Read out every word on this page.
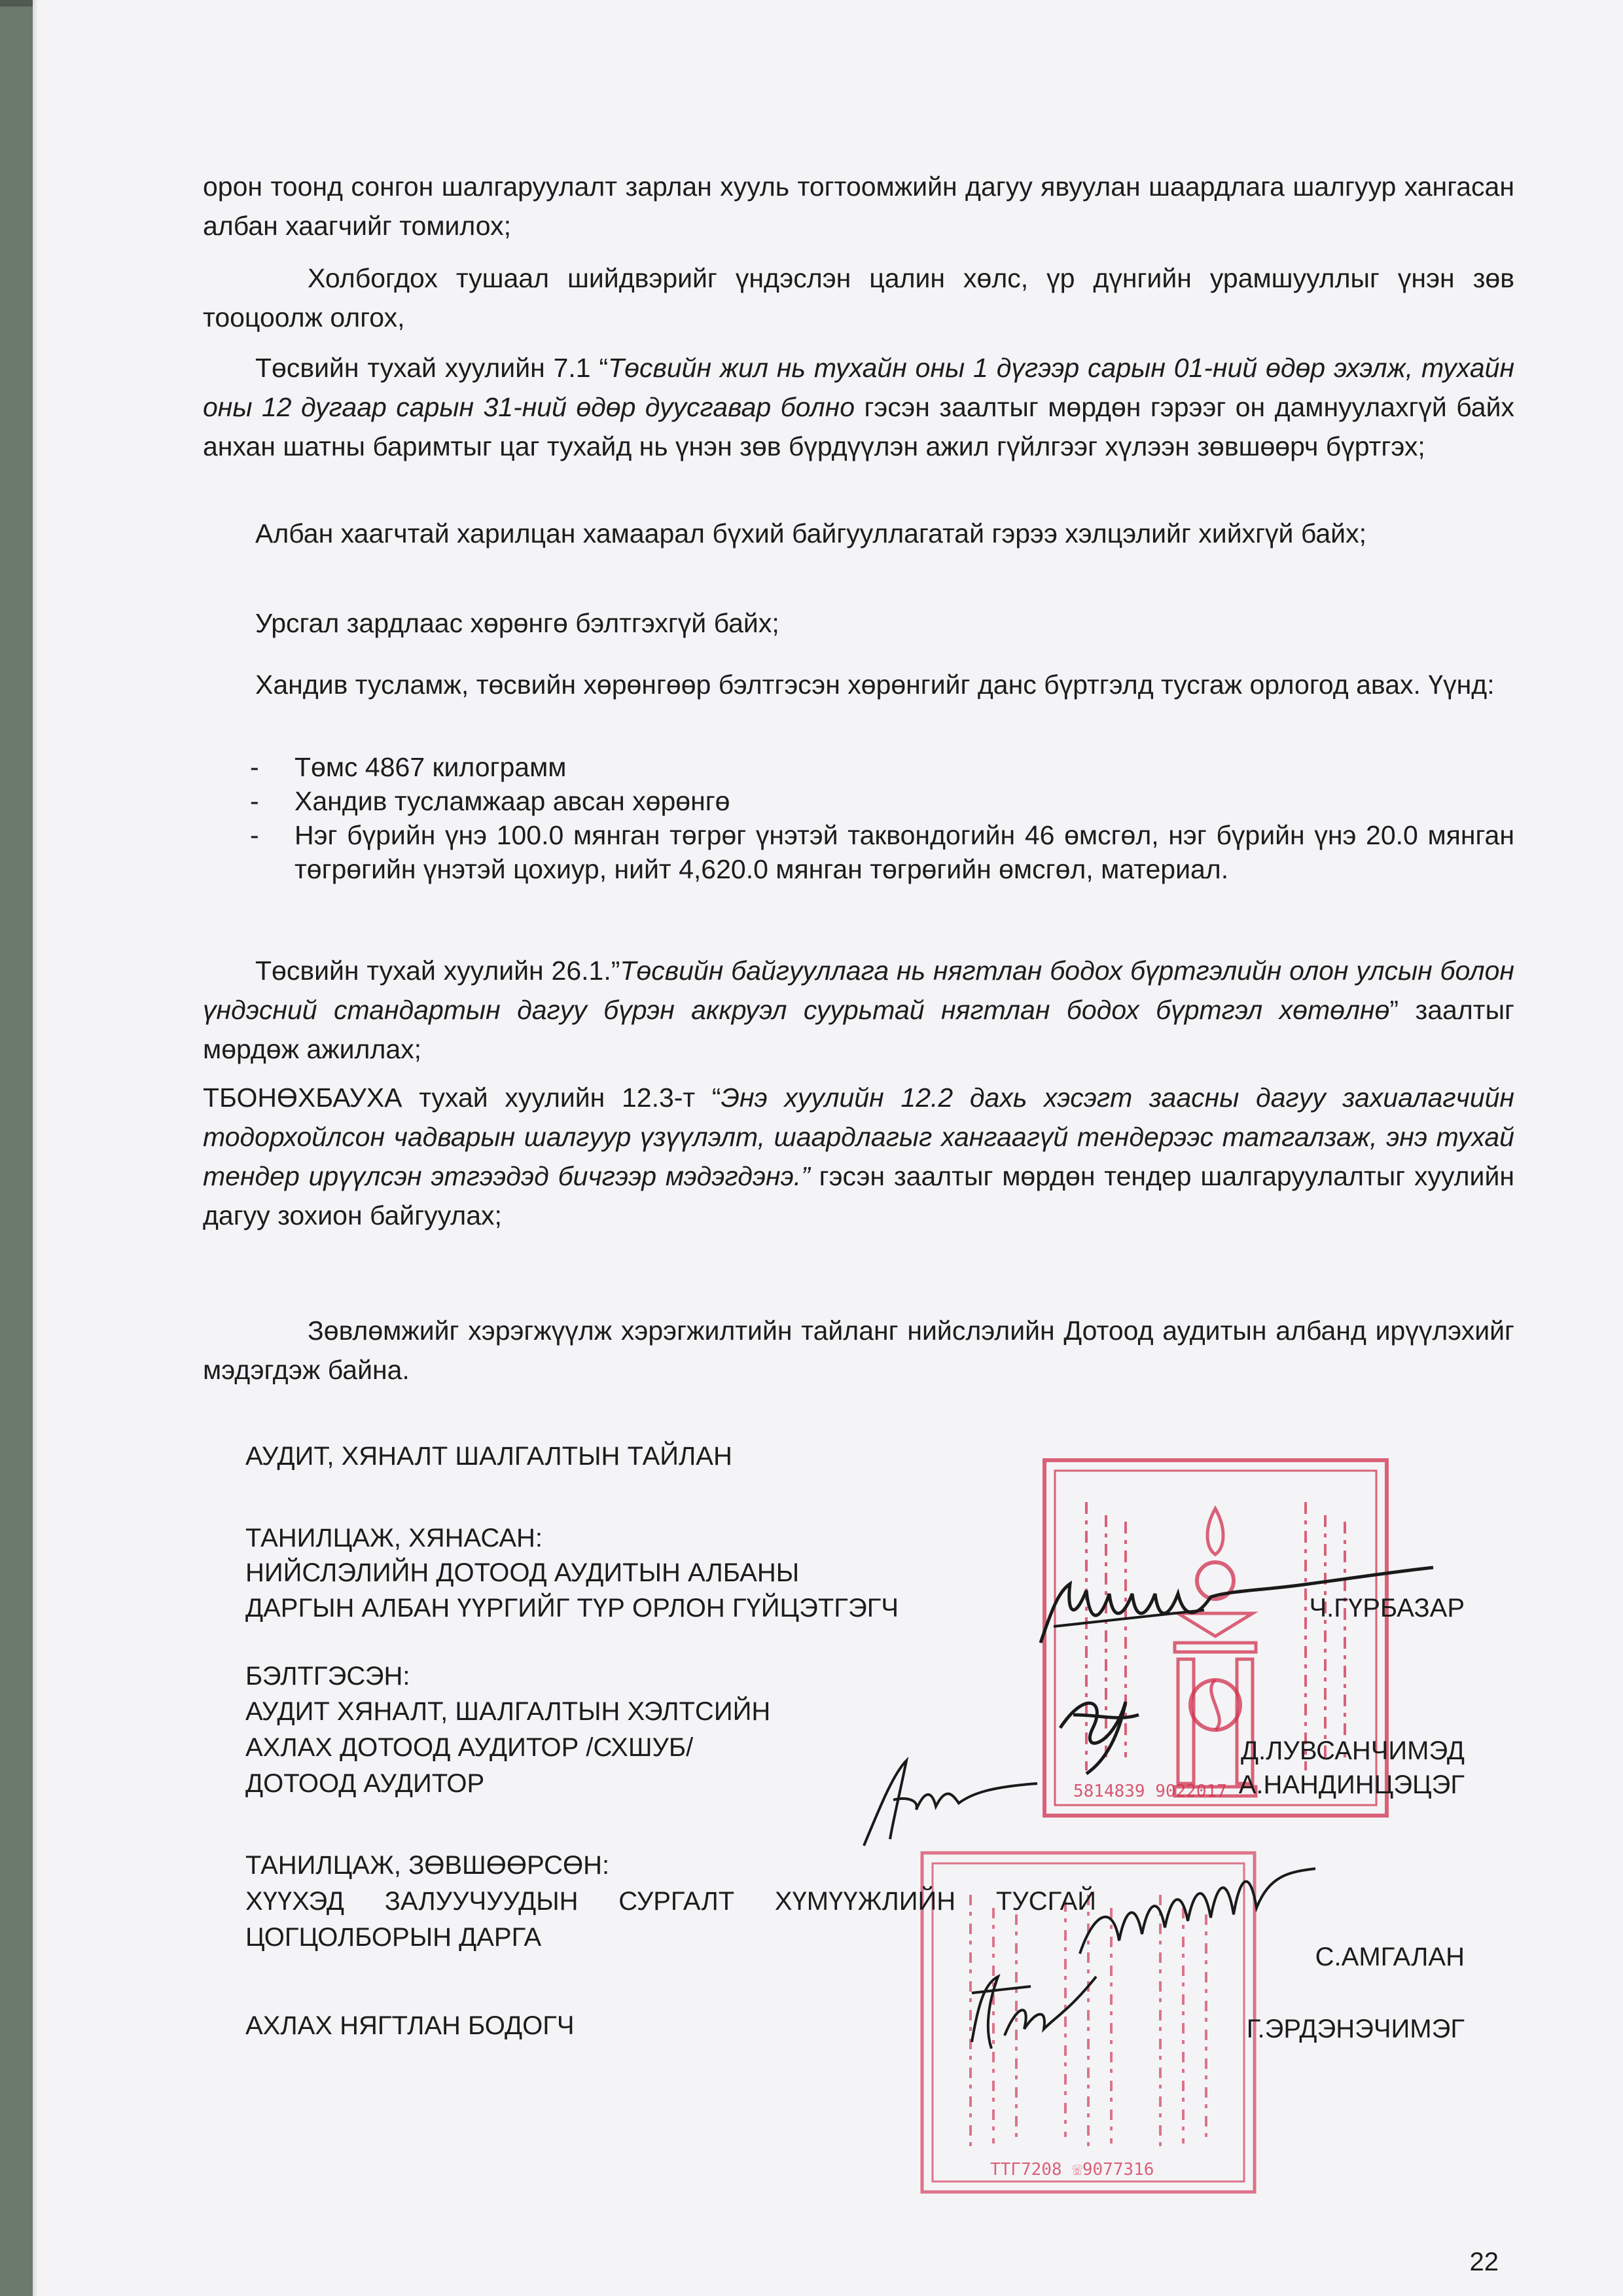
орон тоонд сонгон шалгаруулалт зарлан хууль тогтоомжийн дагуу явуулан шаардлага шалгуур хангасан албан хаагчийг томилох;

Холбогдох тушаал шийдвэрийг үндэслэн цалин хөлс, үр дүнгийн урамшууллыг үнэн зөв тооцоолж олгох,

Төсвийн тухай хуулийн 7.1 “Төсвийн жил нь тухайн оны 1 дүгээр сарын 01-ний өдөр эхэлж, тухайн оны 12 дугаар сарын 31-ний өдөр дуусгавар болно гэсэн заалтыг мөрдөн гэрээг он дамнуулахгүй байх анхан шатны баримтыг цаг тухайд нь үнэн зөв бүрдүүлэн ажил гүйлгээг хүлээн зөвшөөрч бүртгэх;

Албан хаагчтай харилцан хамаарал бүхий байгууллагатай гэрээ хэлцэлийг хийхгүй байх;

Урсгал зардлаас хөрөнгө бэлтгэхгүй байх;

Хандив тусламж, төсвийн хөрөнгөөр бэлтгэсэн хөрөнгийг данс бүртгэлд тусгаж орлогод авах. Үүнд:

- Төмс 4867 килограмм
- Хандив тусламжаар авсан хөрөнгө
- Нэг бүрийн үнэ 100.0 мянган төгрөг үнэтэй таквондогийн 46 өмсгөл, нэг бүрийн үнэ 20.0 мянган төгрөгийн үнэтэй цохиур, нийт 4,620.0 мянган төгрөгийн өмсгөл, материал.

Төсвийн тухай хуулийн 26.1.”Төсвийн байгууллага нь нягтлан бодох бүртгэлийн олон улсын болон үндэсний стандартын дагуу бүрэн аккруэл суурьтай нягтлан бодох бүртгэл хөтөлнө” заалтыг мөрдөж ажиллах;

ТБОНӨХБАУХА тухай хуулийн 12.3-т “Энэ хуулийн 12.2 дахь хэсэгт заасны дагуу захиалагчийн тодорхойлсон чадварын шалгуур үзүүлэлт, шаардлагыг хангаагүй тендерээс татгалзаж, энэ тухай тендер ирүүлсэн этгээдэд бичгээр мэдэгдэнэ.” гэсэн заалтыг мөрдөн тендер шалгаруулалтыг хуулийн дагуу зохион байгуулах;

Зөвлөмжийг хэрэгжүүлж хэрэгжилтийн тайланг нийслэлийн Дотоод аудитын албанд ирүүлэхийг мэдэгдэж байна.

5814839 9022017
ТТГ7208 ☏9077316
АУДИТ, ХЯНАЛТ ШАЛГАЛТЫН ТАЙЛАН
ТАНИЛЦАЖ, ХЯНАСАН:
НИЙСЛЭЛИЙН ДОТООД АУДИТЫН АЛБАНЫ
ДАРГЫН АЛБАН ҮҮРГИЙГ ТҮР ОРЛОН ГҮЙЦЭТГЭГЧ	Ч.ГҮРБАЗАР
БЭЛТГЭСЭН:
АУДИТ ХЯНАЛТ, ШАЛГАЛТЫН ХЭЛТСИЙН
АХЛАХ ДОТООД АУДИТОР /СХШУБ/	Д.ЛУВСАНЧИМЭД
ДОТООД АУДИТОР	А.НАНДИНЦЭЦЭГ
ТАНИЛЦАЖ, ЗӨВШӨӨРСӨН:
ХҮҮХЭД ЗАЛУУЧУУДЫН СУРГАЛТ ХҮМҮҮЖЛИЙН ТУСГАЙ
ЦОГЦОЛБОРЫН ДАРГА
С.АМГАЛАН
АХЛАХ НЯГТЛАН БОДОГЧ	Г.ЭРДЭНЭЧИМЭГ
22
